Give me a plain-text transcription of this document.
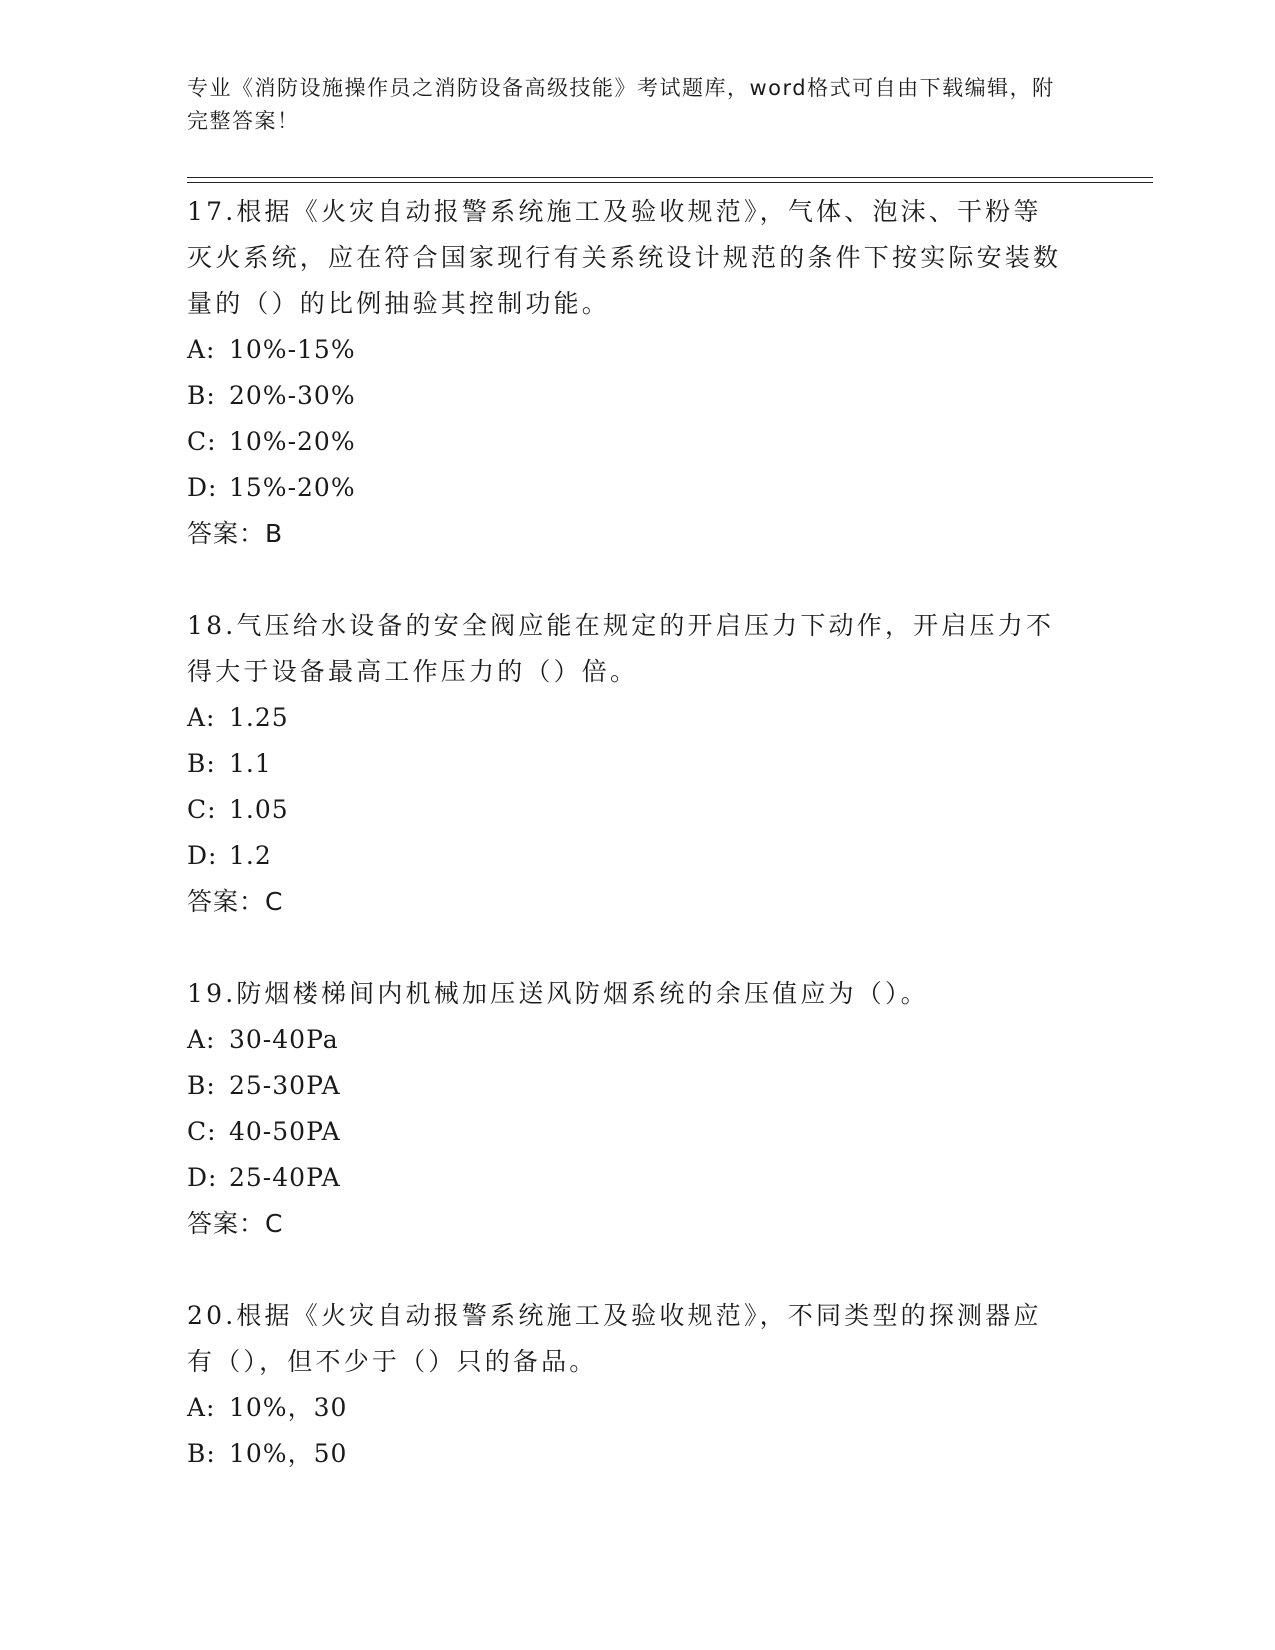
专业《消防设施操作员之消防设备高级技能》考试题库，word格式可自由下载编辑，附完整答案！

17.根据《火灾自动报警系统施工及验收规范》，气体、泡沫、干粉等灭火系统，应在符合国家现行有关系统设计规范的条件下按实际安装数量的（）的比例抽验其控制功能。

A: 10%-15%

B: 20%-30%

C: 10%-20%

D: 15%-20%

答案：B

18.气压给水设备的安全阀应能在规定的开启压力下动作，开启压力不得大于设备最高工作压力的（）倍。

A: 1.25

B: 1.1

C: 1.05

D: 1.2

答案：C

19.防烟楼梯间内机械加压送风防烟系统的余压值应为（）。

A: 30-40Pa

B: 25-30PA

C: 40-50PA

D: 25-40PA

答案：C

20.根据《火灾自动报警系统施工及验收规范》，不同类型的探测器应有（），但不少于（）只的备品。

A: 10%，30

B: 10%，50
